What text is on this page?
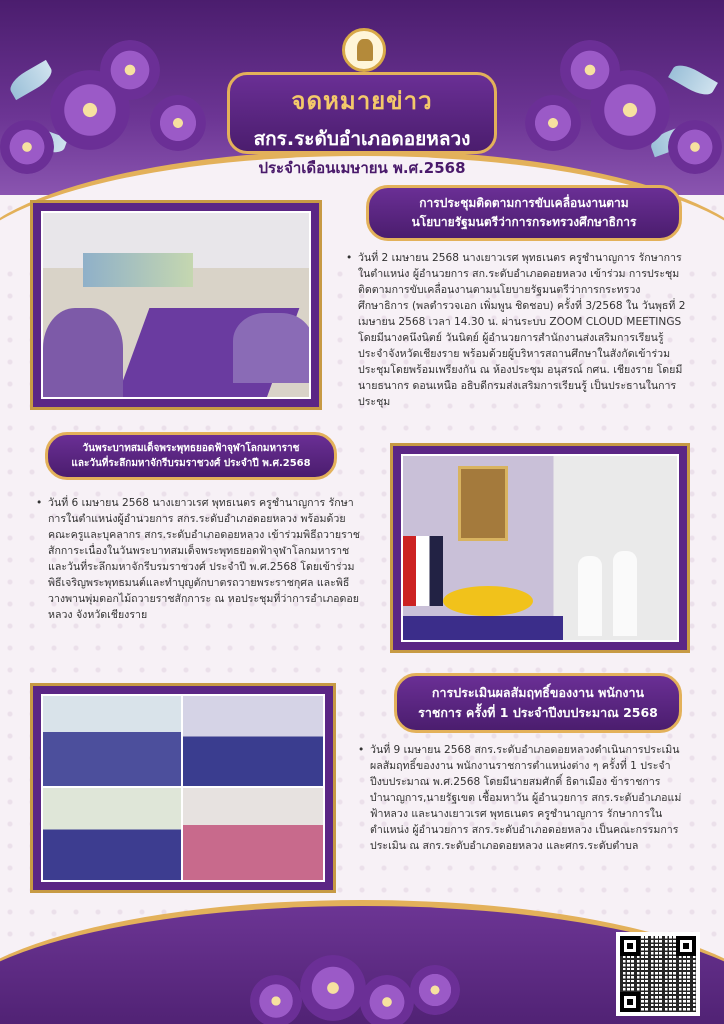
จดหมายข่าว
สกร.ระดับอำเภอดอยหลวง
ประจำเดือนเมษายน พ.ศ.2568
การประชุมติดตามการขับเคลื่อนงานตาม
นโยบายรัฐมนตรีว่าการกระทรวงศึกษาธิการ
• วันที่ 2 เมษายน 2568 นางเยาวเรศ พุทธเนตร ครูชำนาญการ รักษาการในตำแหน่ง ผู้อำนวยการ สก.ระดับอำเภอดอยหลวง เข้าร่วม การประชุมติดตามการขับเคลื่อนงานตามนโยบายรัฐมนตรีว่าการกระทรวงศึกษาธิการ (พลตำรวจเอก เพิ่มพูน ชิดชอบ) ครั้งที่ 3/2568 ใน วันพุธที่ 2 เมษายน 2568 เวลา 14.30 น. ผ่านระบบ ZOOM CLOUD MEETINGS โดยมีนางคนึงนิตย์ วันนิตย์ ผู้อำนวยการสำนักงานส่งเสริมการเรียนรู้ประจำจังหวัดเชียงราย พร้อมด้วยผู้บริหารสถานศึกษาในสังกัดเข้าร่วมประชุมโดยพร้อมเพรียงกัน ณ ห้องประชุม อนุสรณ์ กศน. เชียงราย โดยมีนายธนากร ดอนเหนือ อธิบดีกรมส่งเสริมการเรียนรู้ เป็นประธานในการประชุม
วันพระบาทสมเด็จพระพุทธยอดฟ้าจุฬาโลกมหาราช
และวันที่ระลึกมหาจักรีบรมราชวงศ์ ประจำปี พ.ศ.2568
• วันที่ 6 เมษายน 2568 นางเยาวเรศ พุทธเนตร ครูชำนาญการ รักษาการในตำแหน่งผู้อำนวยการ สกร.ระดับอำเภอดอยหลวง พร้อมด้วยคณะครูและบุคลากร สกร.ระดับอำเภอดอยหลวง เข้าร่วมพิธีถวายราชสักการะเนื่องในวันพระบาทสมเด็จพระพุทธยอดฟ้าจุฬาโลกมหาราชและวันที่ระลึกมหาจักรีบรมราชวงศ์ ประจำปี พ.ศ.2568 โดยเข้าร่วมพิธีเจริญพระพุทธมนต์และทำบุญตักบาตรถวายพระราชกุศล และพิธีวางพานพุ่มดอกไม้ถวายราชสักการะ ณ หอประชุมที่ว่าการอำเภอดอยหลวง จังหวัดเชียงราย
การประเมินผลสัมฤทธิ์ของงาน พนักงาน
ราชการ ครั้งที่ 1 ประจำปีงบประมาณ 2568
• วันที่ 9 เมษายน 2568 สกร.ระดับอำเภอดอยหลวงดำเนินการประเมินผลสัมฤทธิ์ของงาน พนักงานราชการตำแหน่งต่าง ๆ ครั้งที่ 1 ประจำปีงบประมาณ พ.ศ.2568 โดยมีนายสมศักดิ์ ธิดาเมือง ข้าราชการบำนาญการ,นายรัฐเขต เชื้อมหาวัน ผู้อำนวยการ สกร.ระดับอำเภอแม่ฟ้าหลวง และนางเยาวเรศ พุทธเนตร ครูชำนาญการ รักษาการในตำแหน่ง ผู้อำนวยการ สกร.ระดับอำเภอดอยหลวง เป็นคณะกรรมการประเมิน ณ สกร.ระดับอำเภอดอยหลวง และศกร.ระดับตำบล
